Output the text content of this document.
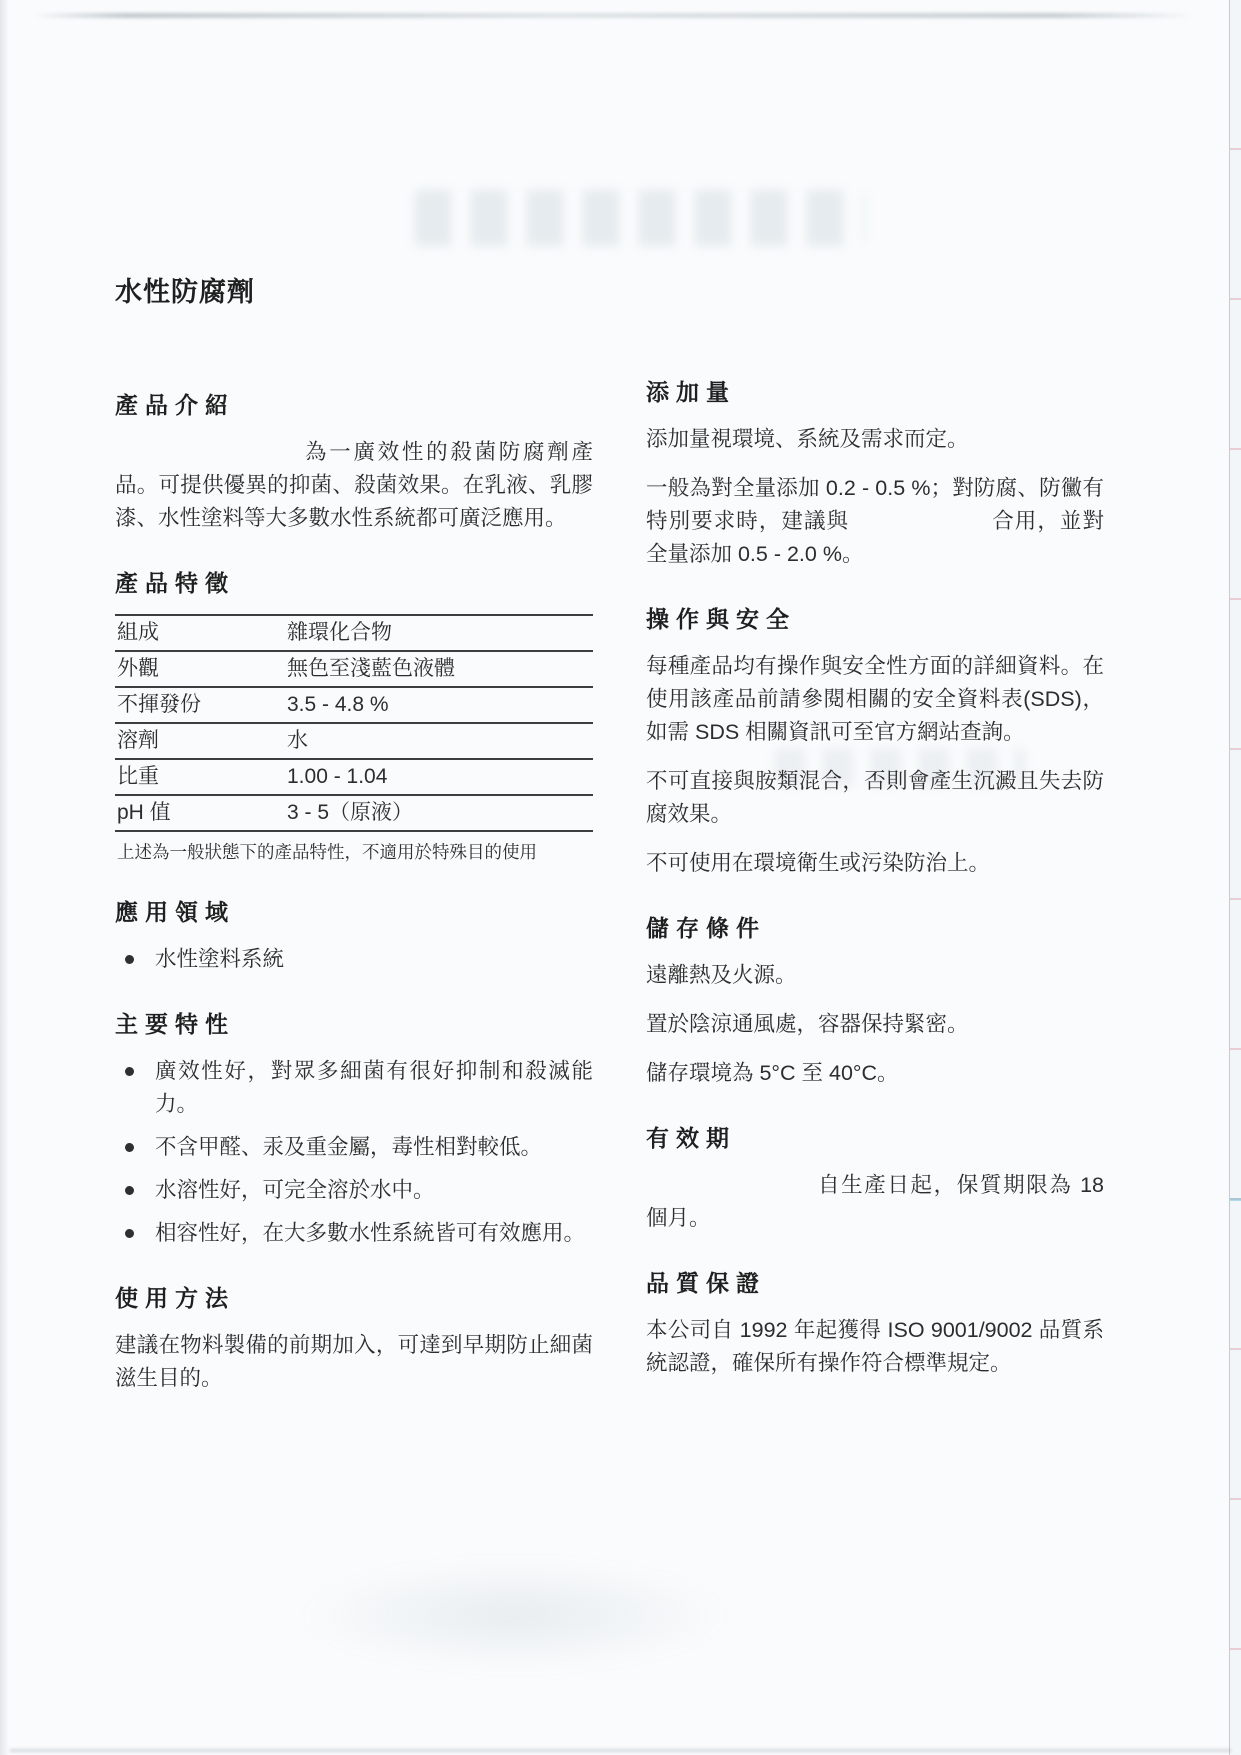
水性防腐劑
產品介紹

為一廣效性的殺菌防腐劑產品。可提供優異的抑菌、殺菌效果。在乳液、乳膠漆、水性塗料等大多數水性系統都可廣泛應用。

產品特徵
組成	雜環化合物
外觀	無色至淺藍色液體
不揮發份	3.5 - 4.8 %
溶劑	水
比重	1.00 - 1.04
pH 值	3 - 5（原液）

上述為一般狀態下的產品特性，不適用於特殊目的使用

應用領域
水性塗料系統
主要特性
廣效性好，對眾多細菌有很好抑制和殺滅能力。
不含甲醛、汞及重金屬，毒性相對較低。
水溶性好，可完全溶於水中。
相容性好，在大多數水性系統皆可有效應用。
使用方法

建議在物料製備的前期加入，可達到早期防止細菌滋生目的。

添加量

添加量視環境、系統及需求而定。

一般為對全量添加 0.2 - 0.5 %；對防腐、防黴有特別要求時，建議與	合用，並對全量添加 0.5 - 2.0 %。

操作與安全

每種產品均有操作與安全性方面的詳細資料。在使用該產品前請參閱相關的安全資料表(SDS)，如需 SDS 相關資訊可至官方網站查詢。

不可直接與胺類混合，否則會產生沉澱且失去防腐效果。

不可使用在環境衛生或污染防治上。

儲存條件

遠離熱及火源。

置於陰涼通風處，容器保持緊密。

儲存環境為 5°C 至 40°C。

有效期

自生產日起，保質期限為 18 個月。

品質保證

本公司自 1992 年起獲得 ISO 9001/9002 品質系統認證，確保所有操作符合標準規定。
